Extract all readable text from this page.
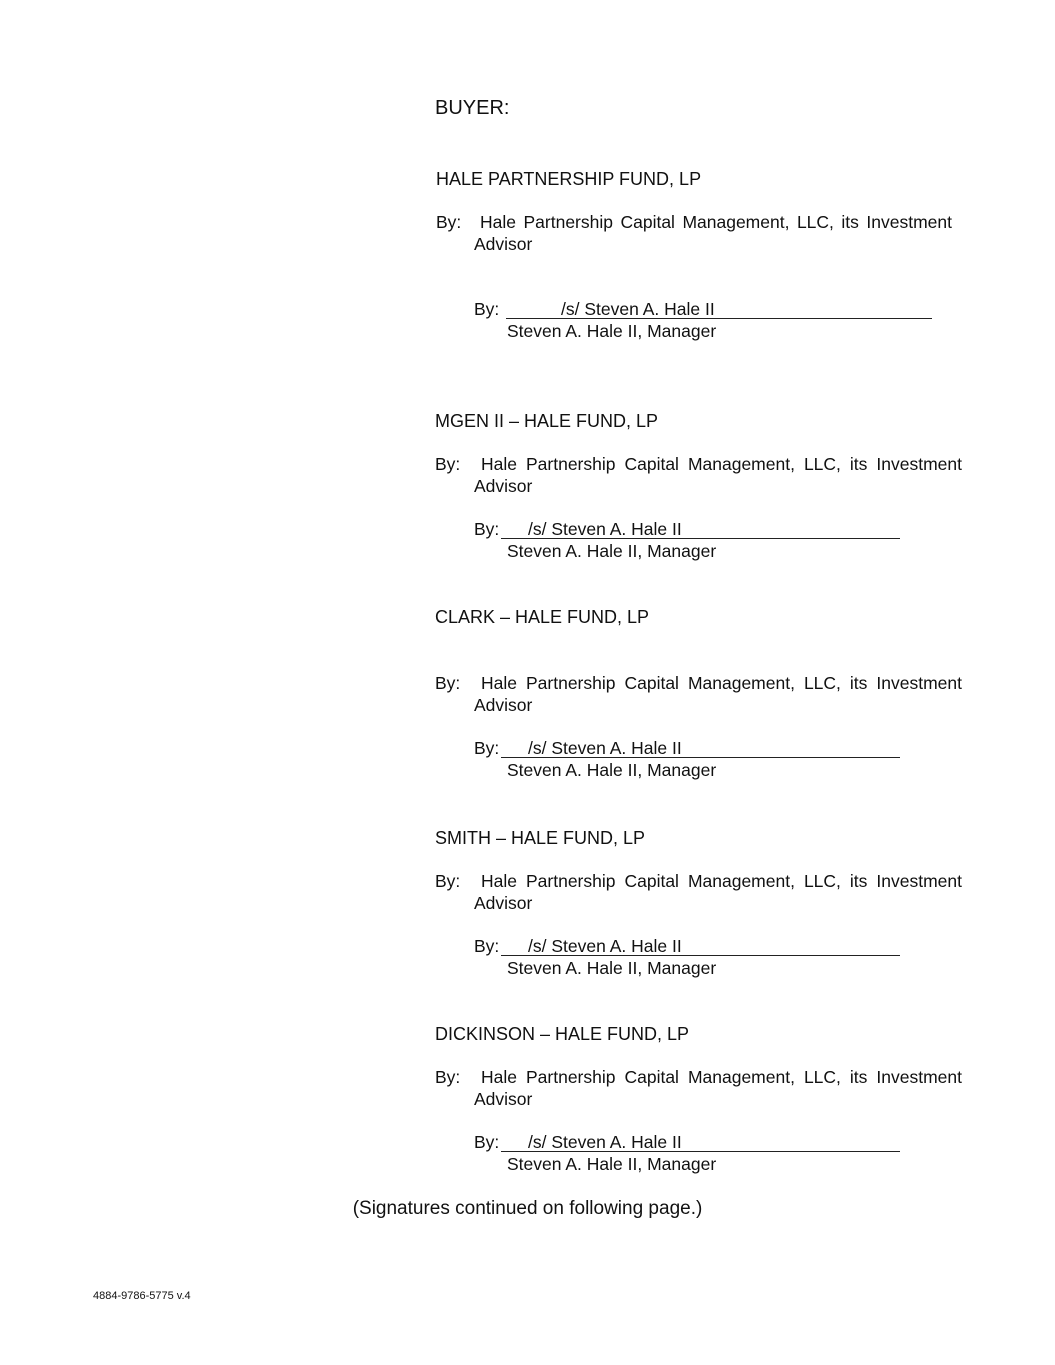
BUYER:
HALE PARTNERSHIP FUND, LP
By: Hale Partnership Capital Management, LLC, its Investment
Advisor
By:	/s/ Steven A. Hale II
Steven A. Hale II, Manager
MGEN II – HALE FUND, LP
By: Hale Partnership Capital Management, LLC, its Investment
Advisor
By: /s/ Steven A. Hale II
Steven A. Hale II, Manager
CLARK – HALE FUND, LP
By: Hale Partnership Capital Management, LLC, its Investment
Advisor
By: /s/ Steven A. Hale II
Steven A. Hale II, Manager
SMITH – HALE FUND, LP
By: Hale Partnership Capital Management, LLC, its Investment
Advisor
By: /s/ Steven A. Hale II
Steven A. Hale II, Manager
DICKINSON – HALE FUND, LP
By: Hale Partnership Capital Management, LLC, its Investment
Advisor
By: /s/ Steven A. Hale II
Steven A. Hale II, Manager
(Signatures continued on following page.)
4884-9786-5775 v.4
